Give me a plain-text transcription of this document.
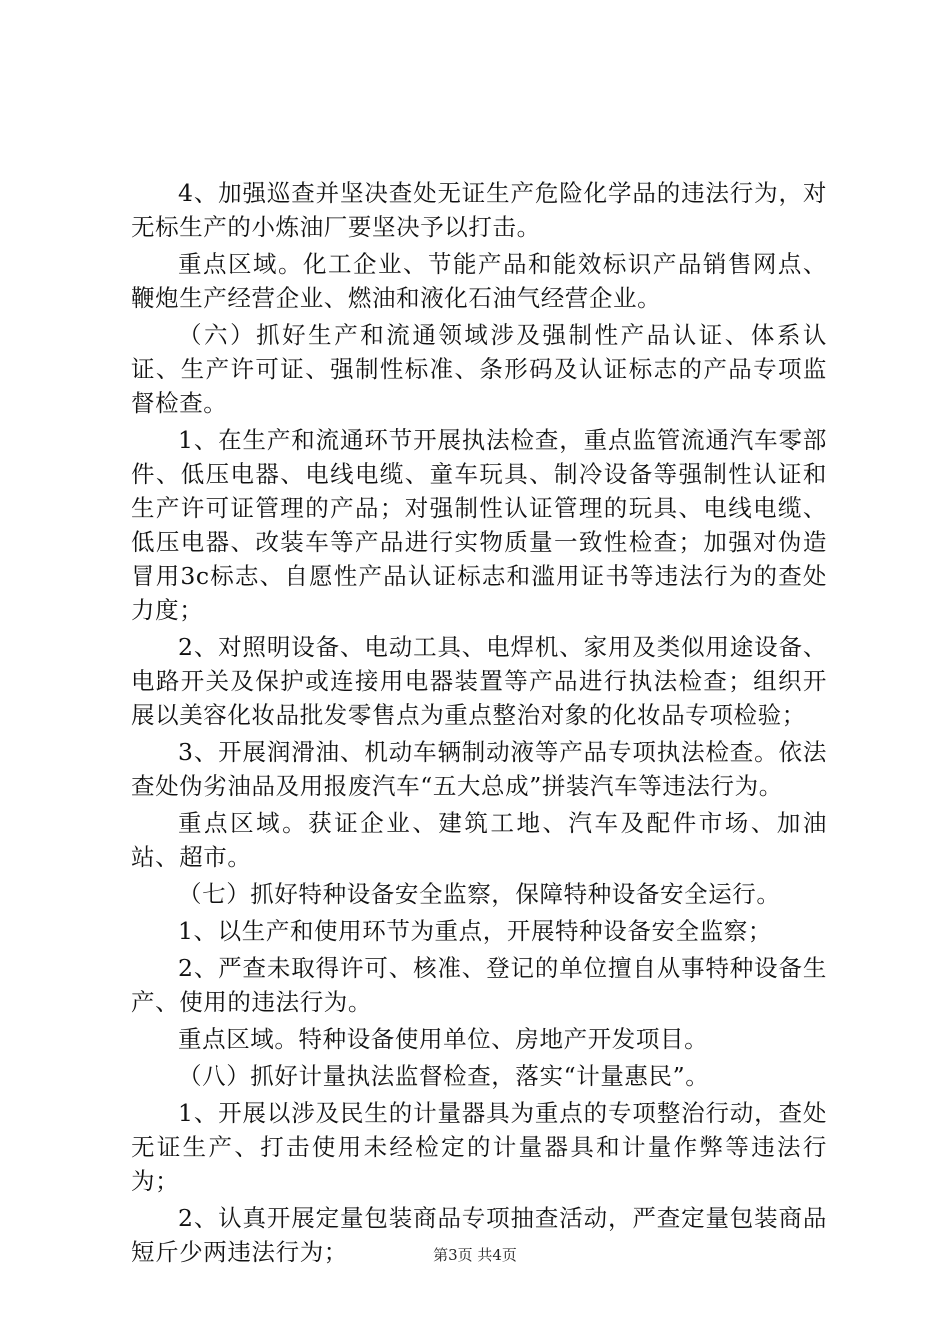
4、加强巡查并坚决查处无证生产危险化学品的违法行为，对无标生产的小炼油厂要坚决予以打击。

重点区域。化工企业、节能产品和能效标识产品销售网点、鞭炮生产经营企业、燃油和液化石油气经营企业。

（六）抓好生产和流通领域涉及强制性产品认证、体系认证、生产许可证、强制性标准、条形码及认证标志的产品专项监督检查。

1、在生产和流通环节开展执法检查，重点监管流通汽车零部件、低压电器、电线电缆、童车玩具、制冷设备等强制性认证和生产许可证管理的产品；对强制性认证管理的玩具、电线电缆、低压电器、改装车等产品进行实物质量一致性检查；加强对伪造冒用3c标志、自愿性产品认证标志和滥用证书等违法行为的查处力度；

2、对照明设备、电动工具、电焊机、家用及类似用途设备、电路开关及保护或连接用电器装置等产品进行执法检查；组织开展以美容化妆品批发零售点为重点整治对象的化妆品专项检验；

3、开展润滑油、机动车辆制动液等产品专项执法检查。依法查处伪劣油品及用报废汽车“五大总成”拼装汽车等违法行为。

重点区域。获证企业、建筑工地、汽车及配件市场、加油站、超市。

（七）抓好特种设备安全监察，保障特种设备安全运行。

1、以生产和使用环节为重点，开展特种设备安全监察；

2、严查未取得许可、核准、登记的单位擅自从事特种设备生产、使用的违法行为。

重点区域。特种设备使用单位、房地产开发项目。

（八）抓好计量执法监督检查，落实“计量惠民”。

1、开展以涉及民生的计量器具为重点的专项整治行动，查处无证生产、打击使用未经检定的计量器具和计量作弊等违法行为；

2、认真开展定量包装商品专项抽查活动，严查定量包装商品短斤少两违法行为；	第3页 共4页
